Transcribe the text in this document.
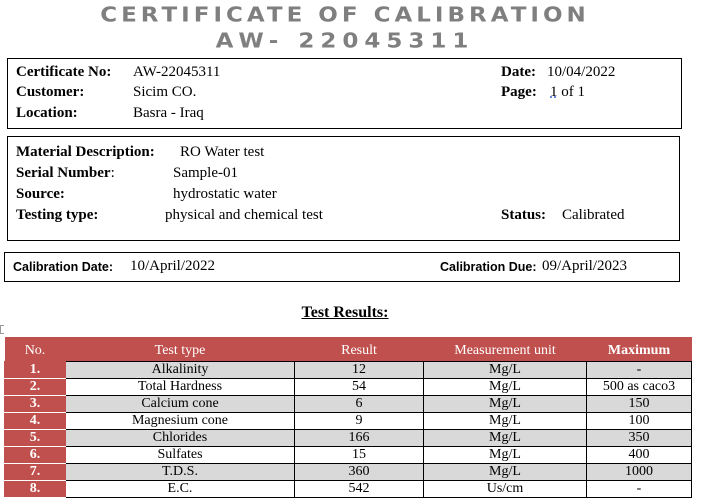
CERTIFICATE OF CALIBRATION
AW- 22045311
Certificate No: AW-22045311
Customer:	Sicim CO.
Location:	Basra - Iraq
Date: 10/04/2022
Page: 1 of 1
Material Description: RO Water test
Serial Number:	Sample-01
Source:	hydrostatic water
Testing type:	physical and chemical test	Status: Calibrated
Calibration Date: 10/April/2022	Calibration Due: 09/April/2023
Test Results:
No.	Test type	Result	Measurement unit	Maximum
1.	Alkalinity	12	Mg/L	-
2.	Total Hardness	54	Mg/L	500 as caco3
3.	Calcium cone	6	Mg/L	150
4.	Magnesium cone	9	Mg/L	100
5.	Chlorides	166	Mg/L	350
6.	Sulfates	15	Mg/L	400
7.	T.D.S.	360	Mg/L	1000
8.	E.C.	542	Us/cm	-
